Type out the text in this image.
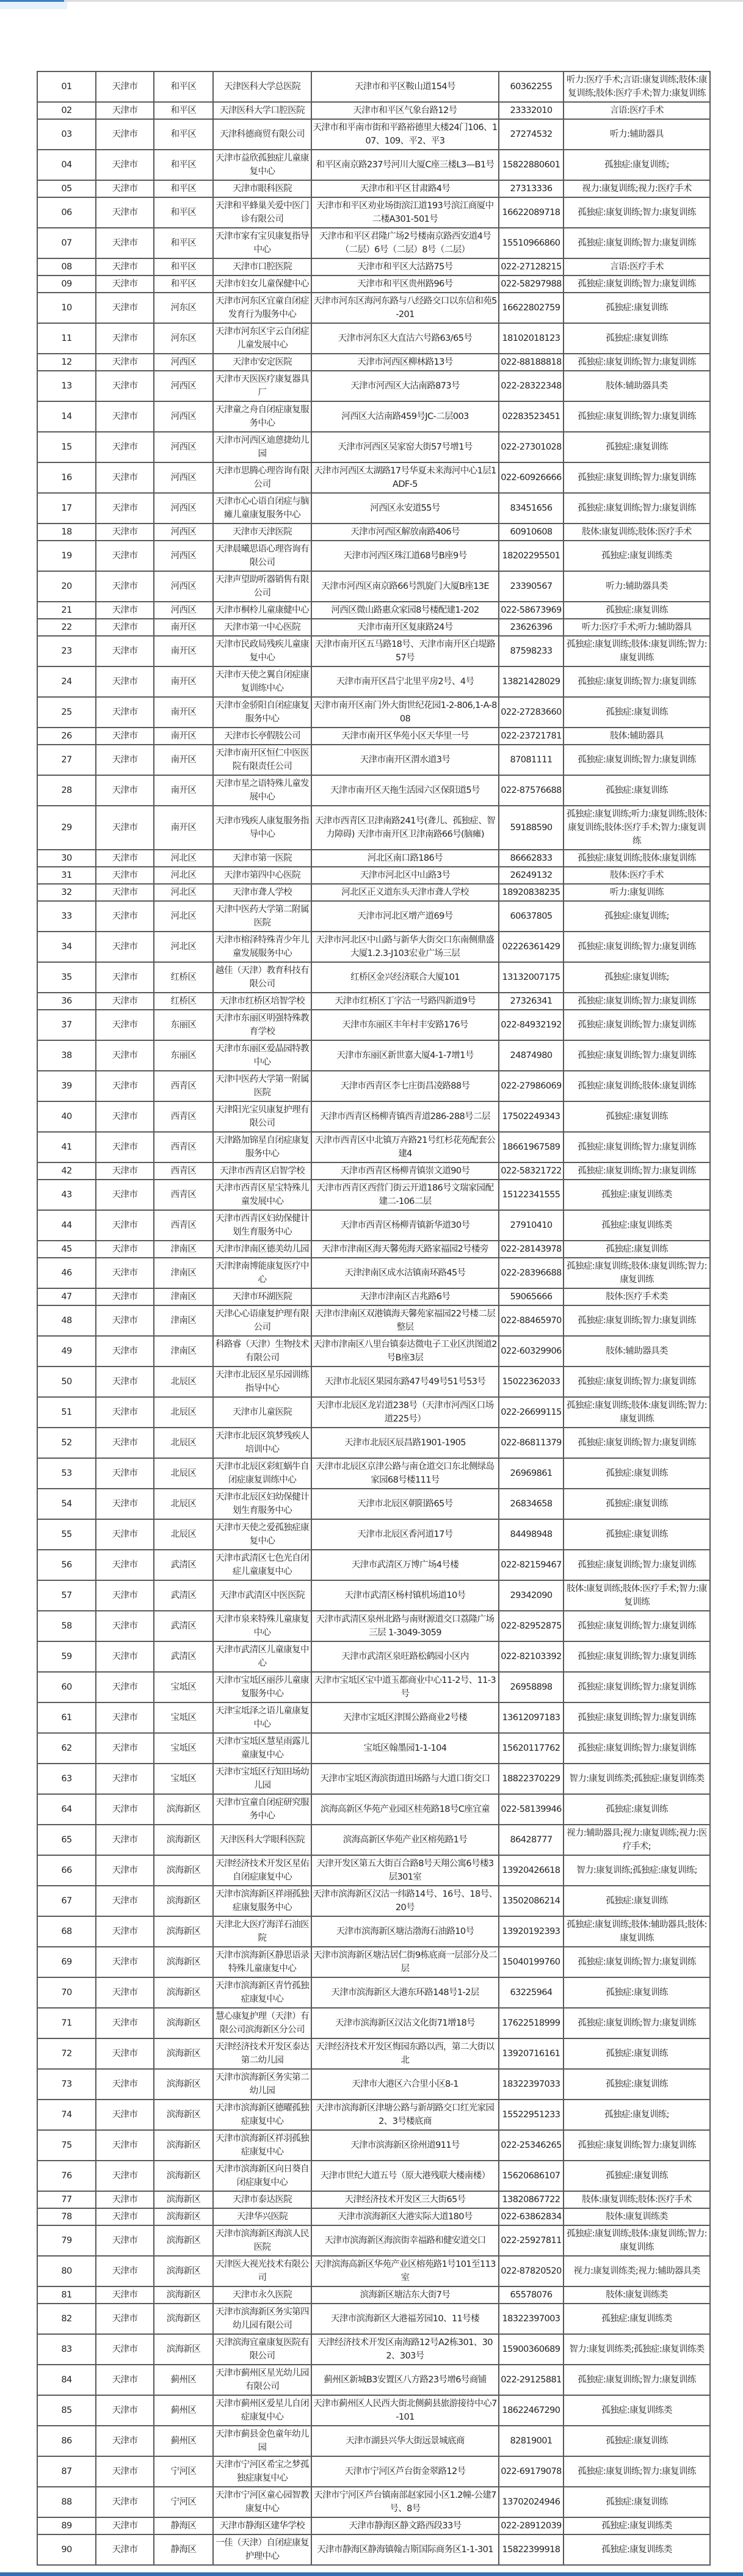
01	天津市	和平区	天津医科大学总医院	天津市和平区鞍山道154号	60362255	听力:医疗手术;言语:康复训练;肢体:康复训练;肢体:医疗手术;智力:康复训练
02	天津市	和平区	天津医科大学口腔医院	天津市和平区气象台路12号	23332010	言语:医疗手术
03	天津市	和平区	天津科德商贸有限公司	天津市和平南市街和平路裕德里大楼24门106、107、109、平2、平3	27274532	听力:辅助器具
04	天津市	和平区	天津市益欣孤独症儿童康复中心	和平区南京路237号河川大厦C座三楼L3—B1号	15822880601	孤独症:康复训练;
05	天津市	和平区	天津市眼科医院	天津市和平区甘肃路4号	27313336	视力:康复训练;视力:医疗手术
06	天津市	和平区	天津和平蜂巢关爱中医门诊有限公司	天津市和平区劝业场街滨江道193号滨江商厦中二楼A301-501号	16622089718	孤独症:康复训练;智力:康复训练
07	天津市	和平区	天津市家有宝贝康复指导中心	天津市和平区君隆广场2号楼南京路西安道4号（二层）6号（二层）8号（二层）	15510966860	孤独症:康复训练;智力:康复训练
08	天津市	和平区	天津市口腔医院	天津市和平区大沽路75号	022-27128215	言语:医疗手术
09	天津市	和平区	天津市妇女儿童保健中心	天津市和平区贵州路96号	022-58297988	孤独症:康复训练;智力:康复训练
10	天津市	河东区	天津市河东区宜童自闭症发育行为服务中心	天津市河东区海河东路与八经路交口以东信和苑5-201	16622802759	孤独症:康复训练
11	天津市	河东区	天津市河东区宇云自闭症儿童发展中心	天津市河东区大直沽六号路63/65号	18102018123	孤独症:康复训练
12	天津市	河西区	天津市安定医院	天津市河西区柳林路13号	022-88188818	孤独症:康复训练;智力:康复训练
13	天津市	河西区	天津市天医医疗康复器具厂	天津市河西区大沽南路873号	022-28322348	肢体:辅助器具类
14	天津市	河西区	天津童之舟自闭症康复服务中心	河西区大沽南路459号JC-二层003	02283523451	孤独症:康复训练;智力:康复训练
15	天津市	河西区	天津市河西区迪蒽捷幼儿园	天津市河西区吴家窑大街57号增1号	022-27301028	孤独症:康复训练
16	天津市	河西区	天津市思腾心理咨询有限公司	天津市河西区太湖路17号华夏未来海河中心1层1ADF-5	022-60926666	孤独症:康复训练;智力:康复训练
17	天津市	河西区	天津市心心语自闭症与脑瘫儿童康复服务中心	河西区永安道55号	83451656	孤独症:康复训练;智力:康复训练
18	天津市	河西区	天津市天津医院	天津市河西区解放南路406号	60910608	肢体:康复训练;肢体:医疗手术
19	天津市	河西区	天津晨曦思语心理咨询有限公司	天津市河西区珠江道68号B座9号	18202295501	孤独症:康复训练类
20	天津市	河西区	天津声望助听器销售有限公司	天津市河西区南京路66号凯旋门大厦B座13E	23390567	听力:辅助器具类
21	天津市	河西区	天津市桐柃儿童康健中心	河西区微山路惠众家园8号楼配建1-202	022-58673969	孤独症:康复训练
22	天津市	南开区	天津市第一中心医院	天津市南开区复康路24号	23626396	听力:医疗手术;听力:辅助器具
23	天津市	南开区	天津市民政局残疾儿童康复中心	天津市南开区五马路18号、天津市南开区白堤路57号	87598233	孤独症:康复训练;肢体:康复训练;智力:康复训练
24	天津市	南开区	天津市天使之翼自闭症康复训练中心	天津市南开区昌宁北里平房2号、4号	13821428029	孤独症:康复训练;智力:康复训练
25	天津市	南开区	天津市金骄阳自闭症康复服务中心	天津市南开区南门外大街世纪花园1-2-806,1-A-808	022-27283660	孤独症:康复训练
26	天津市	南开区	天津市长亭假肢公司	天津市南开区华苑小区天华里一号	022-23721781	肢体:辅助器具
27	天津市	南开区	天津市南开区恒仁中医医院有限责任公司	天津市南开区渭水道3号	87081111	孤独症:康复训练;智力:康复训练
28	天津市	南开区	天津市星之语特殊儿童发展中心	天津市南开区天拖生活园六区保阳道5号	022-87576688	孤独症:康复训练
29	天津市	南开区	天津市残疾人康复服务指导中心	天津市西青区卫津南路241号(聋儿、孤独症、智力障碍) 天津市南开区卫津南路66号(脑瘫)	59188590	孤独症:康复训练;听力:康复训练;肢体:康复训练;肢体:医疗手术;智力:康复训练
30	天津市	河北区	天津市第一医院	河北区南口路186号	86662833	孤独症:康复训练;肢体:康复训练
31	天津市	河北区	天津市第四中心医院	天津市河北区中山路3号	26249132	肢体:医疗手术
32	天津市	河北区	天津市聋人学校	河北区正义道东头天津市聋人学校	18920838235	听力:康复训练
33	天津市	河北区	天津中医药大学第二附属医院	天津市河北区增产道69号	60637805	孤独症:康复训练;
34	天津市	河北区	天津市榕泽特殊青少年儿童发展服务中心	天津市河北区中山路与新华大街交口东南侧鼎盛大厦1.2.3-J103宏业广场三层	02226361429	孤独症:康复训练;智力:康复训练
35	天津市	红桥区	越佳（天津）教育科技有限公司	红桥区金兴经济联合大厦101	13132007175	孤独症:康复训练;
36	天津市	红桥区	天津市红桥区培智学校	天津市红桥区丁字沽一号路四新道9号	27326341	孤独症:康复训练;智力:康复训练
37	天津市	东丽区	天津市东丽区明强特殊教育学校	天津市东丽区丰年村丰安路176号	022-84932192	孤独症:康复训练;智力:康复训练
38	天津市	东丽区	天津市东丽区爱晶园特教中心	天津市东丽区新世嘉大厦4-1-7增1号	24874980	孤独症:康复训练;智力:康复训练
39	天津市	西青区	天津中医药大学第一附属医院	天津市西青区李七庄街昌凌路88号	022-27986069	孤独症:康复训练;肢体:康复训练
40	天津市	西青区	天津阳光宝贝康复护理有限公司	天津市西青区杨柳青镇西青道286-288号二层	17502249343	孤独症:康复训练
41	天津市	西青区	天津路加锦星自闭症康复服务中心	天津市西青区中北镇万卉路21号红杉花苑配套公建4	18661967589	孤独症:康复训练;智力:康复训练
42	天津市	西青区	天津市西青区启智学校	天津市西青区杨柳青镇崇文道90号	022-58321722	孤独症:康复训练;智力:康复训练
43	天津市	西青区	天津市西青区星宝特殊儿童发展中心	天津市西青区西营门街云开道186号文瑞家园配建二-106二层	15122341555	孤独症:康复训练类
44	天津市	西青区	天津市西青区妇幼保健计划生育服务中心	天津市西青区杨柳青镇新华道30号	27910410	孤独症:康复训练类
45	天津市	津南区	天津市津南区德美幼儿园	天津市津南区海天馨苑海天路家福园2号楼旁	022-28143978	孤独症:康复训练
46	天津市	津南区	天津津南博能康复医疗中心	天津津南区成水沽镇南环路45号	022-28396688	孤独症:康复训练;肢体:康复训练;智力:康复训练
47	天津市	津南区	天津市环湖医院	天津市津南区吉兆路6号	59065666	肢体:医疗手术类
48	天津市	津南区	天津心心语康复护理有限公司	天津市津南区双港镇海天馨苑家福园22号楼二层整层	022-88465970	孤独症:康复训练;智力:康复训练
49	天津市	津南区	科路睿（天津）生物技术有限公司	天津市津南区八里台镇泰达微电子工业区洪图道2号B座3层	022-60329906	肢体:辅助器具类
50	天津市	北辰区	天津市北辰区星乐园训练指导中心	天津市北辰区果园东路47号49号51号53号	15022362033	孤独症:康复训练;智力:康复训练
51	天津市	北辰区	天津市儿童医院	天津市北辰区龙岩道238号（天津市河西区口场道225号）	022-26699115	孤独症:康复训练;肢体:康复训练;智力:康复训练
52	天津市	北辰区	天津市北辰区筑梦残疾人培训中心	天津市北辰区辰昌路1901-1905	022-86811379	孤独症:康复训练;智力:康复训练
53	天津市	北辰区	天津市北辰区彩虹蜗牛自闭症康复训练中心	天津市北辰区京津公路与南仓道交口东北侧绿岛家园68号楼111号	26969861	孤独症:康复训练
54	天津市	北辰区	天津市北辰区妇幼保健计划生育服务中心	天津市北辰区朝阳路65号	26834658	孤独症:康复训练
55	天津市	北辰区	天津市天使之爱孤独症康复中心	天津市北辰区香河道17号	84498948	孤独症:康复训练
56	天津市	武清区	天津市武清区七色光自闭症儿童康复中心	天津市武清区万博广场4号楼	022-82159467	孤独症:康复训练;智力:康复训练
57	天津市	武清区	天津市武清区中医医院	天津市武清区杨村镇机场道10号	29342090	肢体:康复训练;肢体:医疗手术;智力:康复训练
58	天津市	武清区	天津市泉来特殊儿童康复中心	天津市武清区泉州北路与南财源道交口荔隆广场三层 1-3049-3059	022-82952875	孤独症:康复训练;智力:康复训练
59	天津市	武清区	天津市武清区儿童康复中心	天津市武清区泉旺路松鹤园小区内	022-82103392	孤独症:康复训练;智力:康复训练
60	天津市	宝坻区	天津市宝坻区丽莎儿童康复服务中心	天津市宝坻区宝中道玉都商业中心11-2号、11-3号	26958898	孤独症:康复训练;智力:康复训练
61	天津市	宝坻区	天津宝坻泽之语儿童康复中心	天津市宝坻区津围公路商业2号楼	13612097183	孤独症:康复训练;智力:康复训练
62	天津市	宝坻区	天津市宝坻区慧星雨露儿童康复中心	宝坻区翰墨园1-1-104	15620117762	孤独症:康复训练;智力:康复训练
63	天津市	宝坻区	天津市宝坻区行知田场幼儿园	天津市宝坻区海滨街道田场路与大道口街交口	18822370229	智力:康复训练类;孤独症:康复训练类
64	天津市	滨海新区	天津市宜童自闭症研究服务中心	滨海高新区华苑产业园区桂苑路18号C座宜童	022-58139946	孤独症:康复训练
65	天津市	滨海新区	天津医科大学眼科医院	滨海高新区华苑产业区榕苑路1号	86428777	视力:辅助器具;视力:康复训练;视力:医疗手术;
66	天津市	滨海新区	天津经济技术开发区星佑自闭症康复中心	天津开发区第五大街百合路8号天翔公寓6号楼3层301室	13920426618	智力:康复训练;孤独症:康复训练;
67	天津市	滨海新区	天津市滨海新区祥翊孤独症康复服务中心	天津市滨海新区汉沽一纬路14号、16号、18号、20号	13502086214	孤独症:康复训练
68	天津市	滨海新区	天津北大医疗海洋石油医院	天津市滨海新区塘沽渤海石油路10号	13920192393	孤独症:康复训练;肢体:辅助器具;肢体:康复训练
69	天津市	滨海新区	天津市滨海新区静思语录特殊儿童康复中心	天津市滨海新区塘沽居仁街9栋底商一层部分及二层	15040199760	孤独症:康复训练;智力:康复训练
70	天津市	滨海新区	天津市滨海新区青竹孤独症康复中心	天津市滨海新区大港东环路148号1-2层	63225964	孤独症:康复训练
71	天津市	滨海新区	慧心康复护理（天津）有限公司滨海新区分公司	天津市滨海新区汉沽文化街71增18号	17622518999	孤独症:康复训练;智力:康复训练
72	天津市	滨海新区	天津经济技术开发区泰达第二幼儿园	天津经济技术开发区悔园东路以西，第二大街以北	13920716161	孤独症:康复训练
73	天津市	滨海新区	天津市滨海新区务实第二幼儿园	天津市大港区六合里小区8-1	18322397033	孤独症:康复训练
74	天津市	滨海新区	天津市滨海新区德曜孤独症康复中心	天津市滨海新区津塘公路与新胡路交口红光家园2、3号楼底商	15522951233	孤独症:康复训练;
75	天津市	滨海新区	天津市滨海新区祥羽孤独症康复中心	天津市滨海新区徐州道911号	022-25346265	孤独症:康复训练;智力:康复训练
76	天津市	滨海新区	天津市滨海新区向日葵自闭症康复中心	天津市世纪大道五号（原大港残联大楼南楼）	15620686107	孤独症:康复训练
77	天津市	滨海新区	天津市泰达医院	天津经济技术开发区三大街65号	13820867722	肢体:康复训练;肢体:医疗手术
78	天津市	滨海新区	天津华兴医院	天津市滨海新区大港实际大道180号	022-63862834	肢体:康复训练类
79	天津市	滨海新区	天津市滨海新区海滨人民医院	天津市滨海新区海滨街幸福路和健安道交口	022-25927811	孤独症:康复训练;肢体:康复训练;智力:康复训练
80	天津市	滨海新区	天津医大视光技术有限公司	天津滨海高新区华苑产业区榕苑路1号101至113室	022-87820520	视力:康复训练类;视力:辅助器具类
81	天津市	滨海新区	天津市永久医院	滨海新区塘沽东大街7号	65578076	肢体:康复训练类
82	天津市	滨海新区	天津市滨海新区务实第四幼儿园有限公司	天津市滨海新区大港福芳园10、11号楼	18322397003	孤独症:康复训练类
83	天津市	滨海新区	天津滨海宜童康复医院有限公司	天津经济技术开发区南海路12号A2栋301、302、303号	15900360689	智力:康复训练类;孤独症:康复训练类
84	天津市	蓟州区	天津市蓟州区星光幼儿园有限公司	蓟州区新城B3安置区八方路23号增6号商铺	022-29125881	孤独症:康复训练;智力:康复训练
85	天津市	蓟州区	天津市蓟州区爱星儿自闭症康复中心	天津市蓟州区人民西大街北侧蓟县旅游接待中心7-101	18622467290	孤独症:康复训练类
86	天津市	蓟州区	天津市蓟县金色童年幼儿园	天津市湖县兴华大街远景城底商	82819001	孤独症:康复训练
87	天津市	宁河区	天津市宁河区希宝之梦孤独症康复中心	天津市宁河区芦台街金翠路12号	022-69179078	孤独症:康复训练;智力:康复训练
88	天津市	宁河区	天津市宁河区童心园智教康复中心	天津市宁河区芦台镇南部赵家园小区1.2幢-公建7号、8号	13702024946	孤独症:康复训练
89	天津市	静海区	天津市静海区建华学校	天津市静海区静文路西段33号	022-28912039	孤独症:康复训练类
90	天津市	静海区	一佳（天津）自闭症康复护理中心	天津市静海区静海镇翰吉斯国际商务区1-1-301	15822399918	孤独症:康复训练类
